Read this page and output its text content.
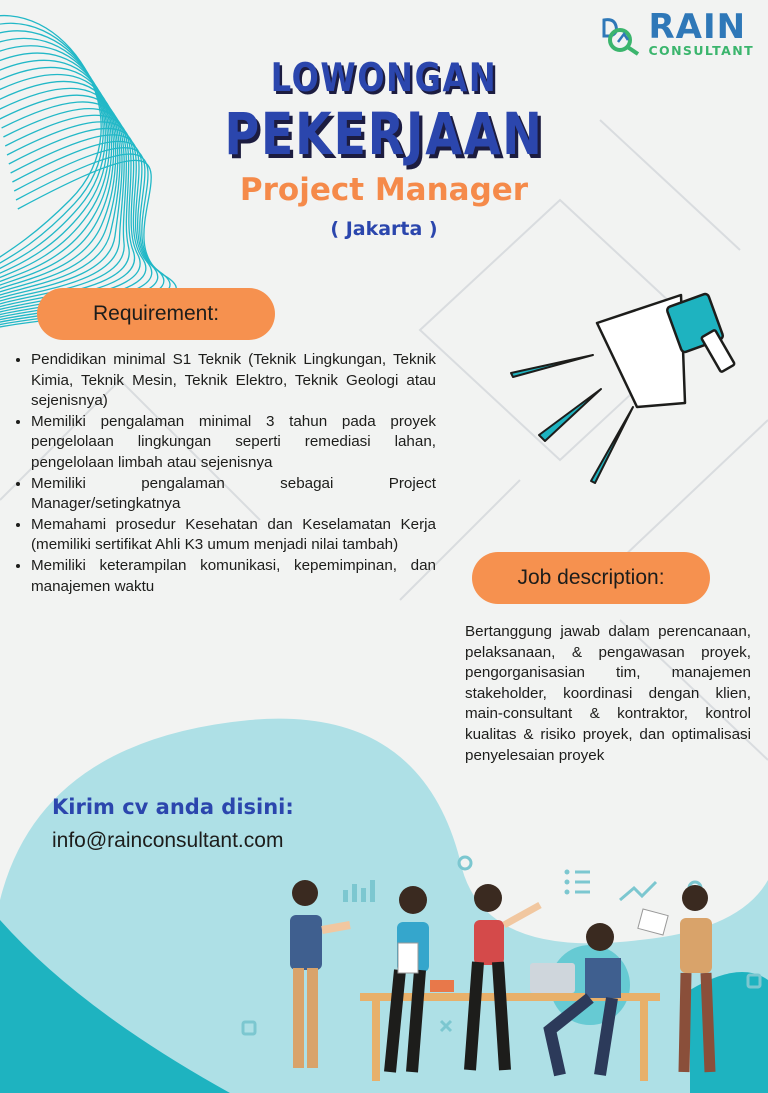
RAIN
CONSULTANT
LOWONGAN
PEKERJAAN
Project Manager
( Jakarta )
Requirement:
• Pendidikan minimal S1 Teknik (Teknik Lingkungan, Teknik Kimia, Teknik Mesin, Teknik Elektro, Teknik Geologi atau sejenisnya)
• Memiliki pengalaman minimal 3 tahun pada proyek pengelolaan lingkungan seperti remediasi lahan, pengelolaan limbah atau sejenisnya
• Memiliki pengalaman sebagai Project Manager/setingkatnya
• Memahami prosedur Kesehatan dan Keselamatan Kerja (memiliki sertifikat Ahli K3 umum menjadi nilai tambah)
• Memiliki keterampilan komunikasi, kepemimpinan, dan manajemen waktu	Job description:
Bertanggung jawab dalam perencanaan, pelaksanaan, & pengawasan proyek, pengorganisasian tim, manajemen stakeholder, koordinasi dengan klien, main-consultant & kontraktor, kontrol kualitas & risiko proyek, dan optimalisasi penyelesaian proyek
Kirim cv anda disini:
info@rainconsultant.com
